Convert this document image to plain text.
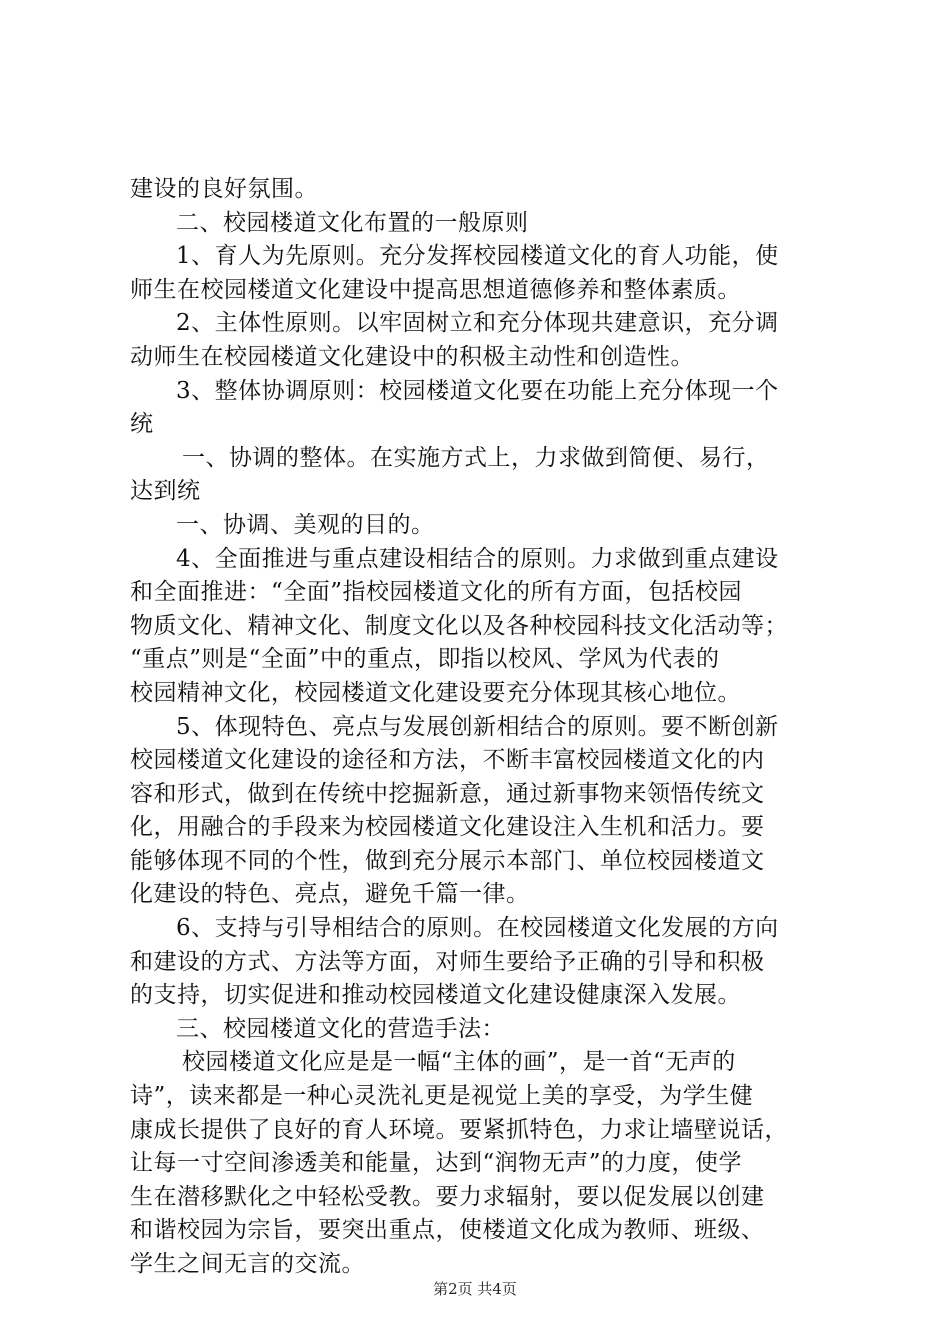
建设的良好氛围。
二、校园楼道文化布置的一般原则
1、育人为先原则。充分发挥校园楼道文化的育人功能，使
师生在校园楼道文化建设中提高思想道德修养和整体素质。
2、主体性原则。以牢固树立和充分体现共建意识，充分调
动师生在校园楼道文化建设中的积极主动性和创造性。
3、整体协调原则：校园楼道文化要在功能上充分体现一个
统
一、协调的整体。在实施方式上，力求做到简便、易行，
达到统
一、协调、美观的目的。
4、全面推进与重点建设相结合的原则。力求做到重点建设
和全面推进：“全面”指校园楼道文化的所有方面，包括校园
物质文化、精神文化、制度文化以及各种校园科技文化活动等；
“重点”则是“全面”中的重点，即指以校风、学风为代表的
校园精神文化，校园楼道文化建设要充分体现其核心地位。
5、体现特色、亮点与发展创新相结合的原则。要不断创新
校园楼道文化建设的途径和方法，不断丰富校园楼道文化的内
容和形式，做到在传统中挖掘新意，通过新事物来领悟传统文
化，用融合的手段来为校园楼道文化建设注入生机和活力。要
能够体现不同的个性，做到充分展示本部门、单位校园楼道文
化建设的特色、亮点，避免千篇一律。
6、支持与引导相结合的原则。在校园楼道文化发展的方向
和建设的方式、方法等方面，对师生要给予正确的引导和积极
的支持，切实促进和推动校园楼道文化建设健康深入发展。
三、校园楼道文化的营造手法：
校园楼道文化应是是一幅“主体的画”，是一首“无声的
诗”，读来都是一种心灵洗礼更是视觉上美的享受，为学生健
康成长提供了良好的育人环境。要紧抓特色，力求让墙壁说话，
让每一寸空间渗透美和能量，达到“润物无声”的力度，使学
生在潜移默化之中轻松受教。要力求辐射，要以促发展以创建
和谐校园为宗旨，要突出重点，使楼道文化成为教师、班级、
学生之间无言的交流。
第2页 共4页
